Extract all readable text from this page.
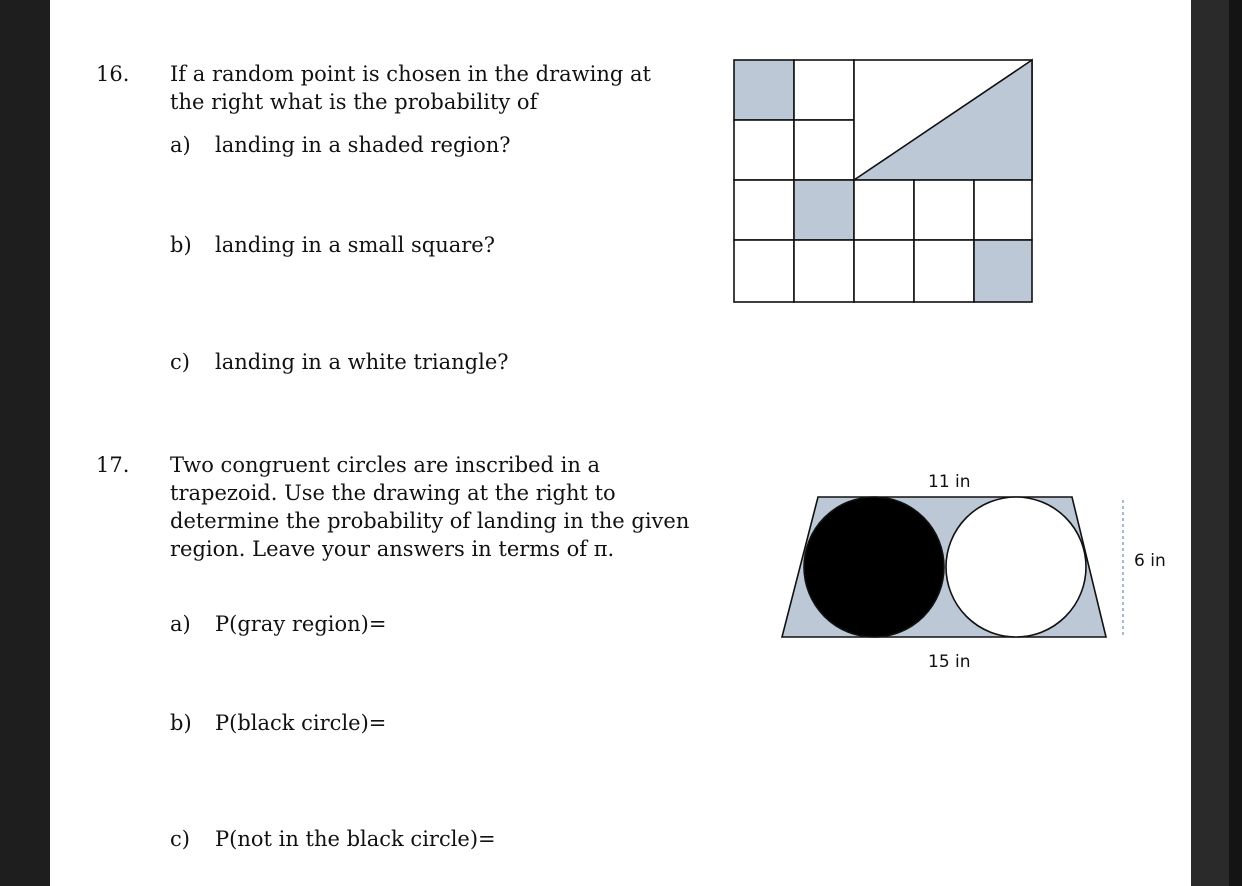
16. If a random point is chosen in the drawing at
the right what is the probability of
a) landing in a shaded region?
b) landing in a small square?
c) landing in a white triangle?
17. Two congruent circles are inscribed in a
trapezoid. Use the drawing at the right to
determine the probability of landing in the given
region. Leave your answers in terms of π.
a) P(gray region)=
b) P(black circle)=
c) P(not in the black circle)=
11 in
15 in
6 in
